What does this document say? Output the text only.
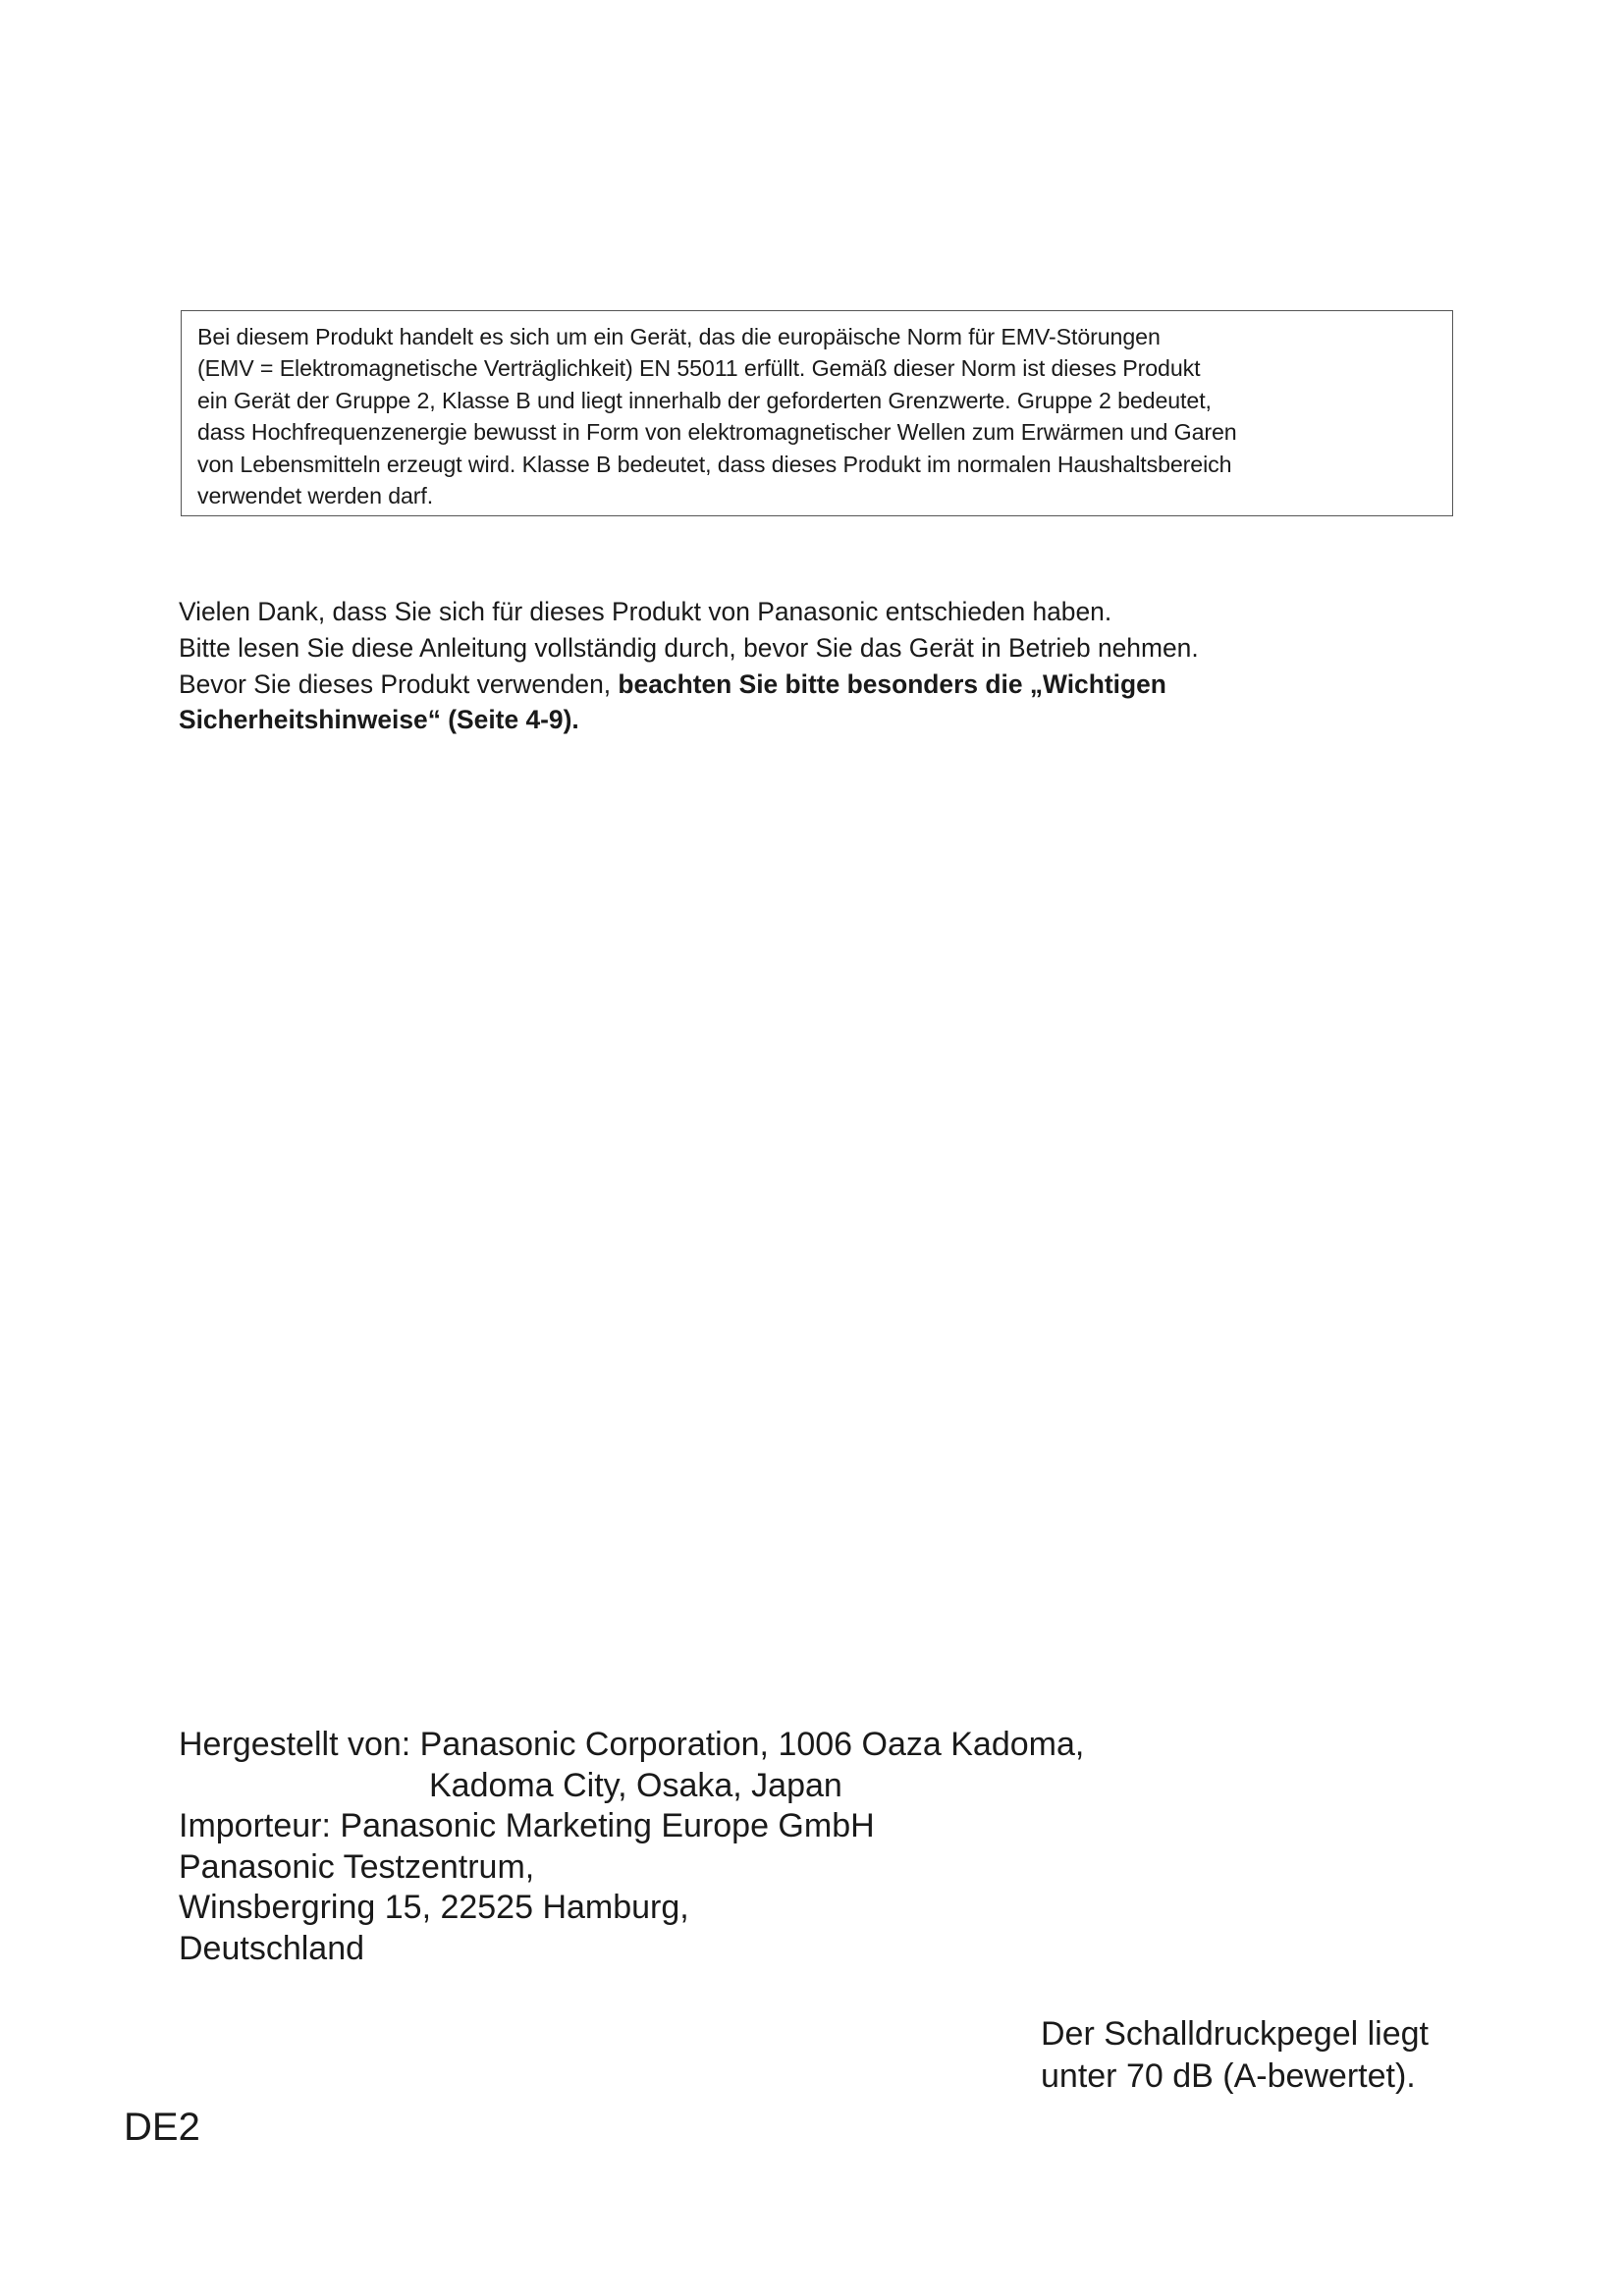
Bei diesem Produkt handelt es sich um ein Gerät, das die europäische Norm für EMV-Störungen
(EMV = Elektromagnetische Verträglichkeit) EN 55011 erfüllt. Gemäß dieser Norm ist dieses Produkt
ein Gerät der Gruppe 2, Klasse B und liegt innerhalb der geforderten Grenzwerte. Gruppe 2 bedeutet,
dass Hochfrequenzenergie bewusst in Form von elektromagnetischer Wellen zum Erwärmen und Garen
von Lebensmitteln erzeugt wird. Klasse B bedeutet, dass dieses Produkt im normalen Haushaltsbereich
verwendet werden darf.
Vielen Dank, dass Sie sich für dieses Produkt von Panasonic entschieden haben.
Bitte lesen Sie diese Anleitung vollständig durch, bevor Sie das Gerät in Betrieb nehmen.
Bevor Sie dieses Produkt verwenden, beachten Sie bitte besonders die „Wichtigen
Sicherheitshinweise“ (Seite 4-9).
Hergestellt von: Panasonic Corporation, 1006 Oaza Kadoma,
Kadoma City, Osaka, Japan
Importeur: Panasonic Marketing Europe GmbH
Panasonic Testzentrum,
Winsbergring 15, 22525 Hamburg,
Deutschland
Der Schalldruckpegel liegt
unter 70 dB (A-bewertet).
DE2
